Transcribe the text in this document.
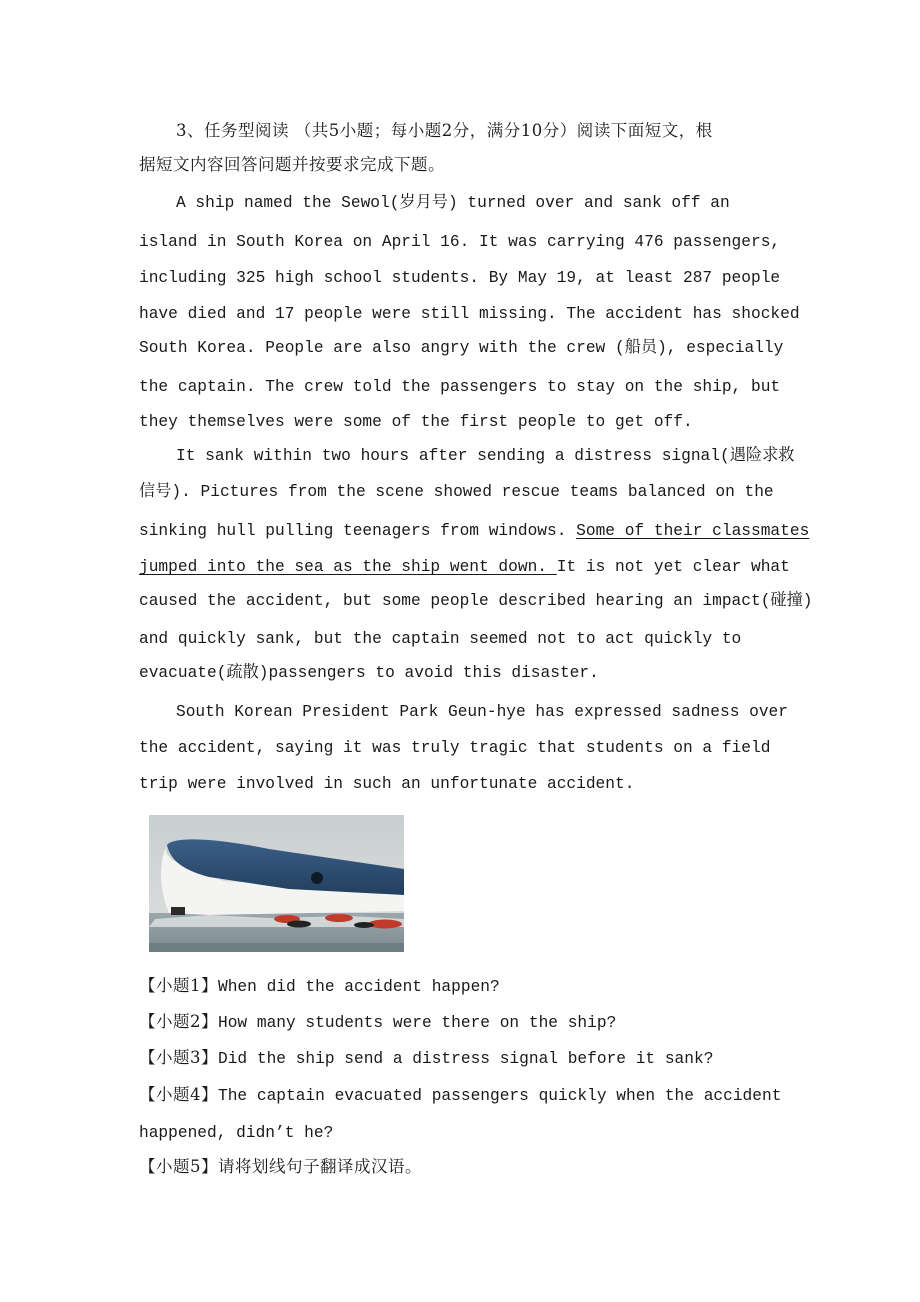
3、任务型阅读 （共5小题；每小题2分，满分10分）阅读下面短文，根
据短文内容回答问题并按要求完成下题。
A ship named the Sewol(岁月号) turned over and sank off an
island in South Korea on April 16. It was carrying 476 passengers,
including 325 high school students. By May 19, at least 287 people
have died and 17 people were still missing. The accident has shocked
South Korea. People are also angry with the crew (船员), especially
the captain. The crew told the passengers to stay on the ship, but
they themselves were some of the first people to get off.
It sank within two hours after sending a distress signal(遇险求救
信号). Pictures from the scene showed rescue teams balanced on the
sinking hull pulling teenagers from windows. Some of their classmates
jumped into the sea as the ship went down. It is not yet clear what
caused the accident, but some people described hearing an impact(碰撞)
and quickly sank, but the captain seemed not to act quickly to
evacuate(疏散)passengers to avoid this disaster.
South Korean President Park Geun-hye has expressed sadness over
the accident, saying it was truly tragic that students on a field
trip were involved in such an unfortunate accident.
【小题1】When did the accident happen?
【小题2】How many students were there on the ship?
【小题3】Did the ship send a distress signal before it sank?
【小题4】The captain evacuated passengers quickly when the accident
happened, didn’t he?
【小题5】请将划线句子翻译成汉语。
